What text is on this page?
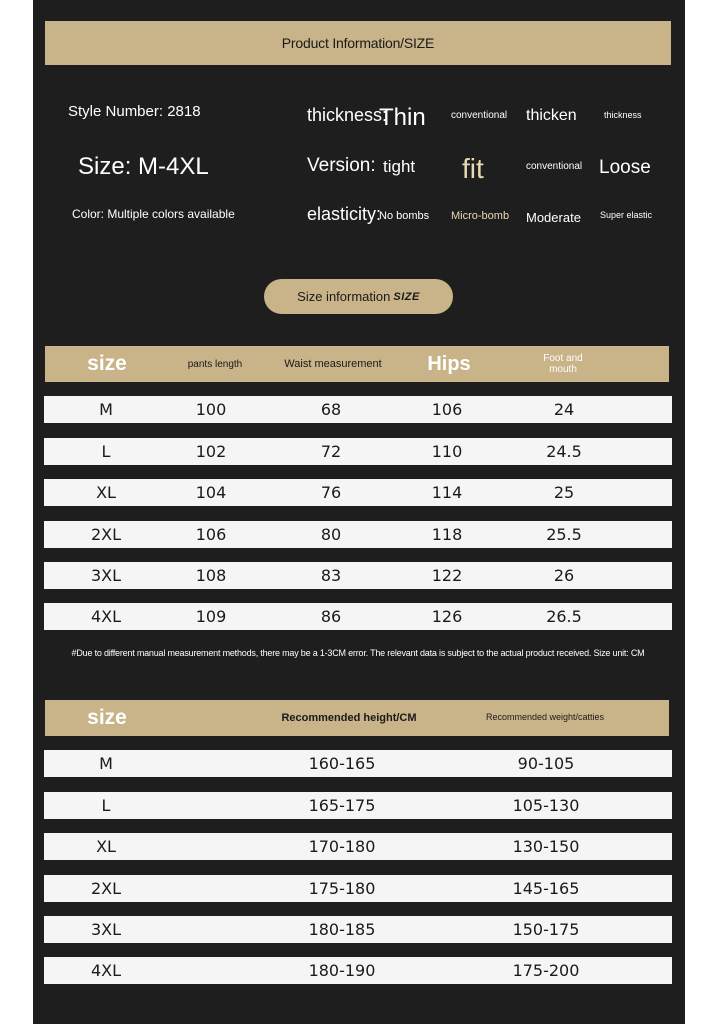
Product Information/SIZE
Style Number: 2818
Size: M-4XL
Color: Multiple colors available
thickness:
Thin	conventional thicken	thickness
Version: tight fit	conventional Loose
elasticity:
No bombs Micro-bomb Moderate Super elastic
Size information SIZE
size	pants length	Waist measurement	Hips	Foot and mouth
M	100	68	106	24
L	102	72	110	24.5
XL	104	76	114	25
2XL	106	80	118	25.5
3XL	108	83	122	26
4XL	109	86	126	26.5
#Due to different manual measurement methods, there may be a 1-3CM error. The relevant data is subject to the actual product received. Size unit: CM
size	Recommended height/CM	Recommended weight/catties
M	160-165	90-105
L	165-175	105-130
XL	170-180	130-150
2XL	175-180	145-165
3XL	180-185	150-175
4XL	180-190	175-200
